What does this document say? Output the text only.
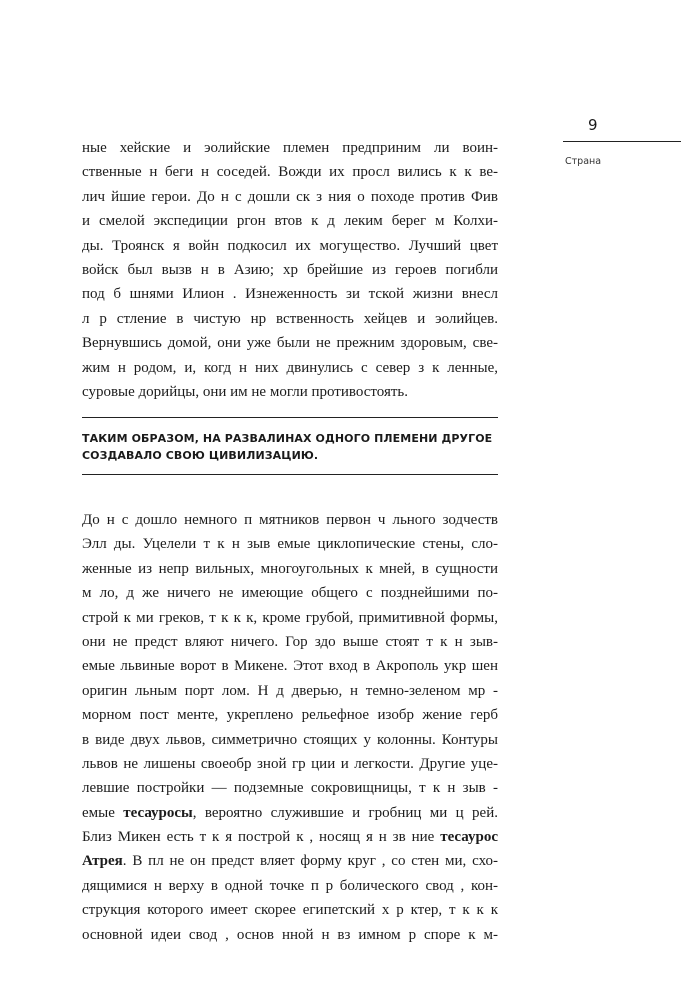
9
Страна
ные хейские и эолийские племен предприним ли воин-
ственные н беги н соседей. Вожди их просл вились к к ве-
лич йшие герои. До н с дошли ск з ния о походе против Фив
и смелой экспедиции ргон втов к д леким берег м Колхи-
ды. Троянск я войн подкосил их могущество. Лучший цвет
войск был вызв н в Азию; хр брейшие из героев погибли
под б шнями Илион . Изнеженность зи тской жизни внесл
л р стление в чистую нр вственность хейцев и эолийцев.
Вернувшись домой, они уже были не прежним здоровым, све-
жим н родом, и, когд н них двинулись с север з к ленные,
суровые дорийцы, они им не могли противостоять.
ТАКИМ ОБРАЗОМ, НА РАЗВАЛИНАХ ОДНОГО ПЛЕМЕНИ ДРУГОЕ
СОЗДАВАЛО СВОЮ ЦИВИЛИЗАЦИЮ.
До н с дошло немного п мятников первон ч льного зодчеств
Элл ды. Уцелели т к н зыв емые циклопические стены, сло-
женные из непр вильных, многоугольных к мней, в сущности
м ло, д же ничего не имеющие общего с позднейшими по-
строй к ми греков, т к к к, кроме грубой, примитивной формы,
они не предст вляют ничего. Гор здо выше стоят т к н зыв-
емые львиные ворот в Микене. Этот вход в Акрополь укр шен
оригин льным порт лом. Н д дверью, н темно-зеленом мр -
морном пост менте, укреплено рельефное изобр жение герб
в виде двух львов, симметрично стоящих у колонны. Контуры
львов не лишены своеобр зной гр ции и легкости. Другие уце-
левшие постройки — подземные сокровищницы, т к н зыв -
емые тесауросы, вероятно служившие и гробниц ми ц рей.
Близ Микен есть т к я построй к , носящ я н зв ние тесаурос
Атрея. В пл не он предст вляет форму круг , со стен ми, схо-
дящимися н верху в одной точке п р болического свод , кон-
струкция которого имеет скорее египетский х р ктер, т к к к
основной идеи свод , основ нной н вз имном р споре к м-
